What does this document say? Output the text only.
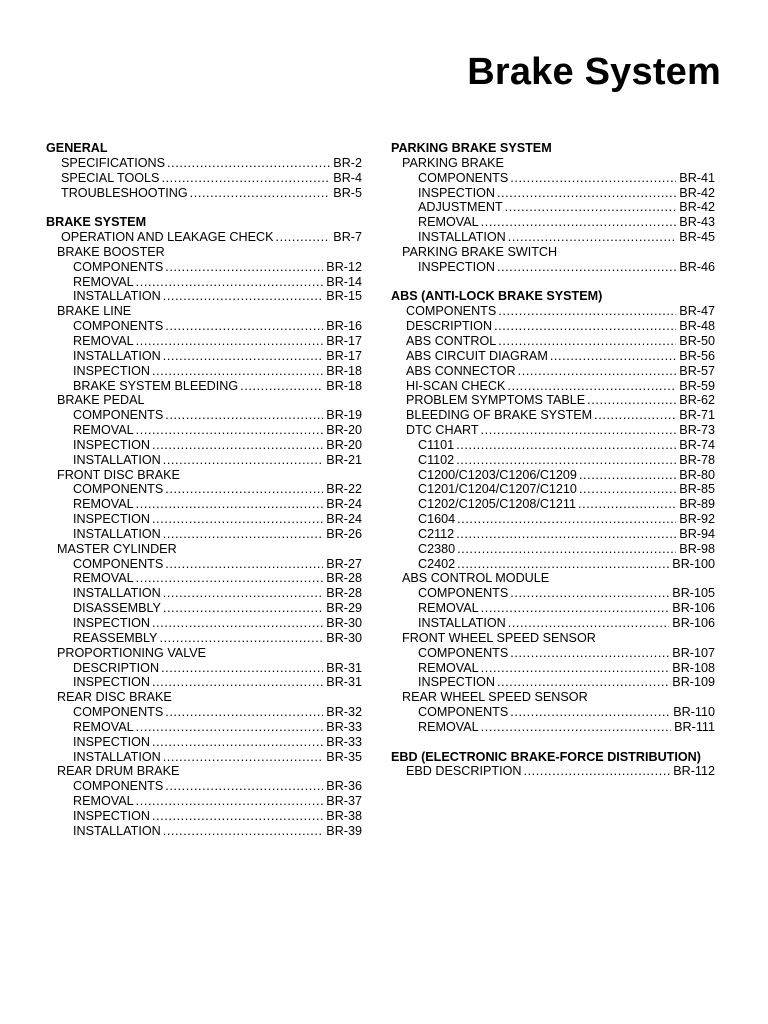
Brake System
GENERAL
SPECIFICATIONS .....	BR-2
SPECIAL TOOLS .....	BR-4
TROUBLESHOOTING .....	BR-5
BRAKE SYSTEM
OPERATION AND LEAKAGE CHECK .....	BR-7
BRAKE BOOSTER
COMPONENTS .....	BR-12
REMOVAL .....	BR-14
INSTALLATION .....	BR-15
BRAKE LINE
COMPONENTS .....	BR-16
REMOVAL .....	BR-17
INSTALLATION .....	BR-17
INSPECTION .....	BR-18
BRAKE SYSTEM BLEEDING .....	BR-18
BRAKE PEDAL
COMPONENTS .....	BR-19
REMOVAL .....	BR-20
INSPECTION .....	BR-20
INSTALLATION .....	BR-21
FRONT DISC BRAKE
COMPONENTS .....	BR-22
REMOVAL .....	BR-24
INSPECTION .....	BR-24
INSTALLATION .....	BR-26
MASTER CYLINDER
COMPONENTS .....	BR-27
REMOVAL .....	BR-28
INSTALLATION .....	BR-28
DISASSEMBLY .....	BR-29
INSPECTION .....	BR-30
REASSEMBLY .....	BR-30
PROPORTIONING VALVE
DESCRIPTION .....	BR-31
INSPECTION .....	BR-31
REAR DISC BRAKE
COMPONENTS .....	BR-32
REMOVAL .....	BR-33
INSPECTION .....	BR-33
INSTALLATION .....	BR-35
REAR DRUM BRAKE
COMPONENTS .....	BR-36
REMOVAL .....	BR-37
INSPECTION .....	BR-38
INSTALLATION .....	BR-39
PARKING BRAKE SYSTEM
PARKING BRAKE
COMPONENTS .....	BR-41
INSPECTION .....	BR-42
ADJUSTMENT .....	BR-42
REMOVAL .....	BR-43
INSTALLATION .....	BR-45
PARKING BRAKE SWITCH
INSPECTION .....	BR-46
ABS (ANTI-LOCK BRAKE SYSTEM)
COMPONENTS .....	BR-47
DESCRIPTION .....	BR-48
ABS CONTROL .....	BR-50
ABS CIRCUIT DIAGRAM .....	BR-56
ABS CONNECTOR .....	BR-57
HI-SCAN CHECK .....	BR-59
PROBLEM SYMPTOMS TABLE .....	BR-62
BLEEDING OF BRAKE SYSTEM .....	BR-71
DTC CHART .....	BR-73
C1101 .....	BR-74
C1102 .....	BR-78
C1200/C1203/C1206/C1209 .....	BR-80
C1201/C1204/C1207/C1210 .....	BR-85
C1202/C1205/C1208/C1211 .....	BR-89
C1604 .....	BR-92
C2112 .....	BR-94
C2380 .....	BR-98
C2402 .....	BR-100
ABS CONTROL MODULE
COMPONENTS .....	BR-105
REMOVAL .....	BR-106
INSTALLATION .....	BR-106
FRONT WHEEL SPEED SENSOR
COMPONENTS .....	BR-107
REMOVAL .....	BR-108
INSPECTION .....	BR-109
REAR WHEEL SPEED SENSOR
COMPONENTS .....	BR-110
REMOVAL .....	BR-111
EBD (ELECTRONIC BRAKE-FORCE DISTRIBUTION)
EBD DESCRIPTION .....	BR-112
